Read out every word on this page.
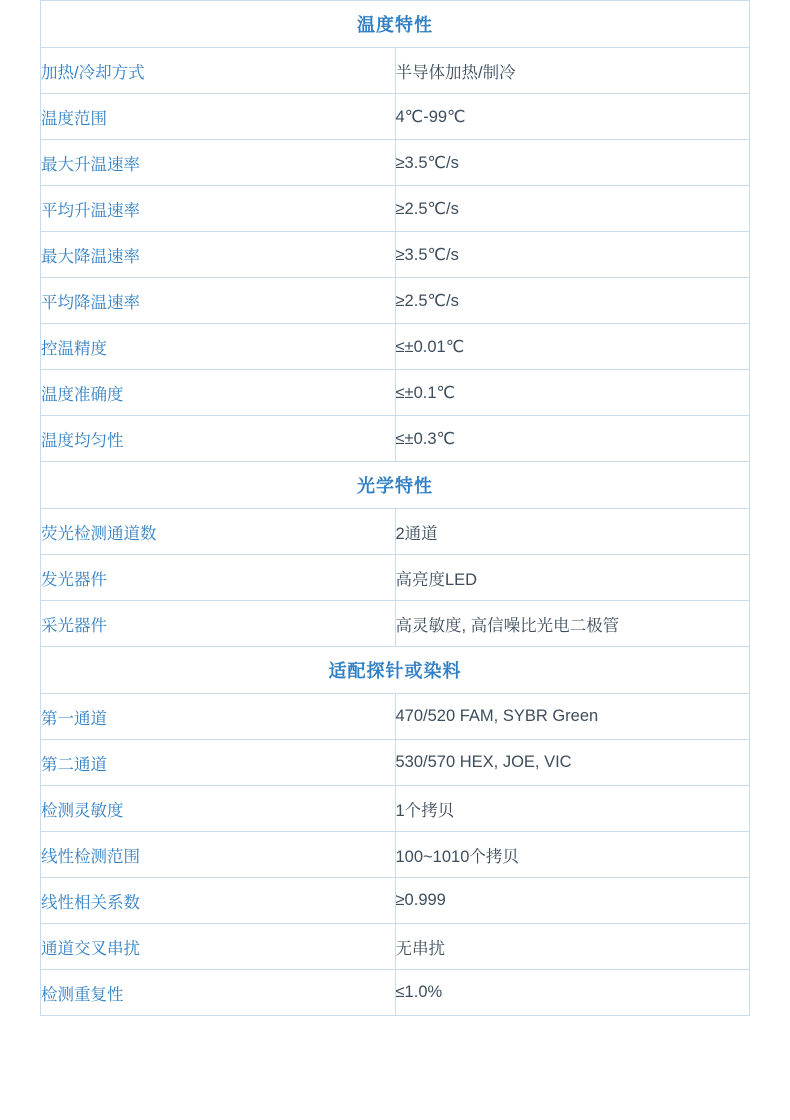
温度特性	
加热/冷却方式	半导体加热/制冷
温度范围	4℃-99℃
最大升温速率	≥3.5℃/s
平均升温速率	≥2.5℃/s
最大降温速率	≥3.5℃/s
平均降温速率	≥2.5℃/s
控温精度	≤±0.01℃
温度准确度	≤±0.1℃
温度均匀性	≤±0.3℃
光学特性	
荧光检测通道数	2通道
发光器件	高亮度LED
采光器件	高灵敏度, 高信噪比光电二极管
适配探针或染料	
第一通道	470/520 FAM, SYBR Green
第二通道	530/570 HEX, JOE, VIC
检测灵敏度	1个拷贝
线性检测范围	100~1010个拷贝
线性相关系数	≥0.999
通道交叉串扰	无串扰
检测重复性	≤1.0%
